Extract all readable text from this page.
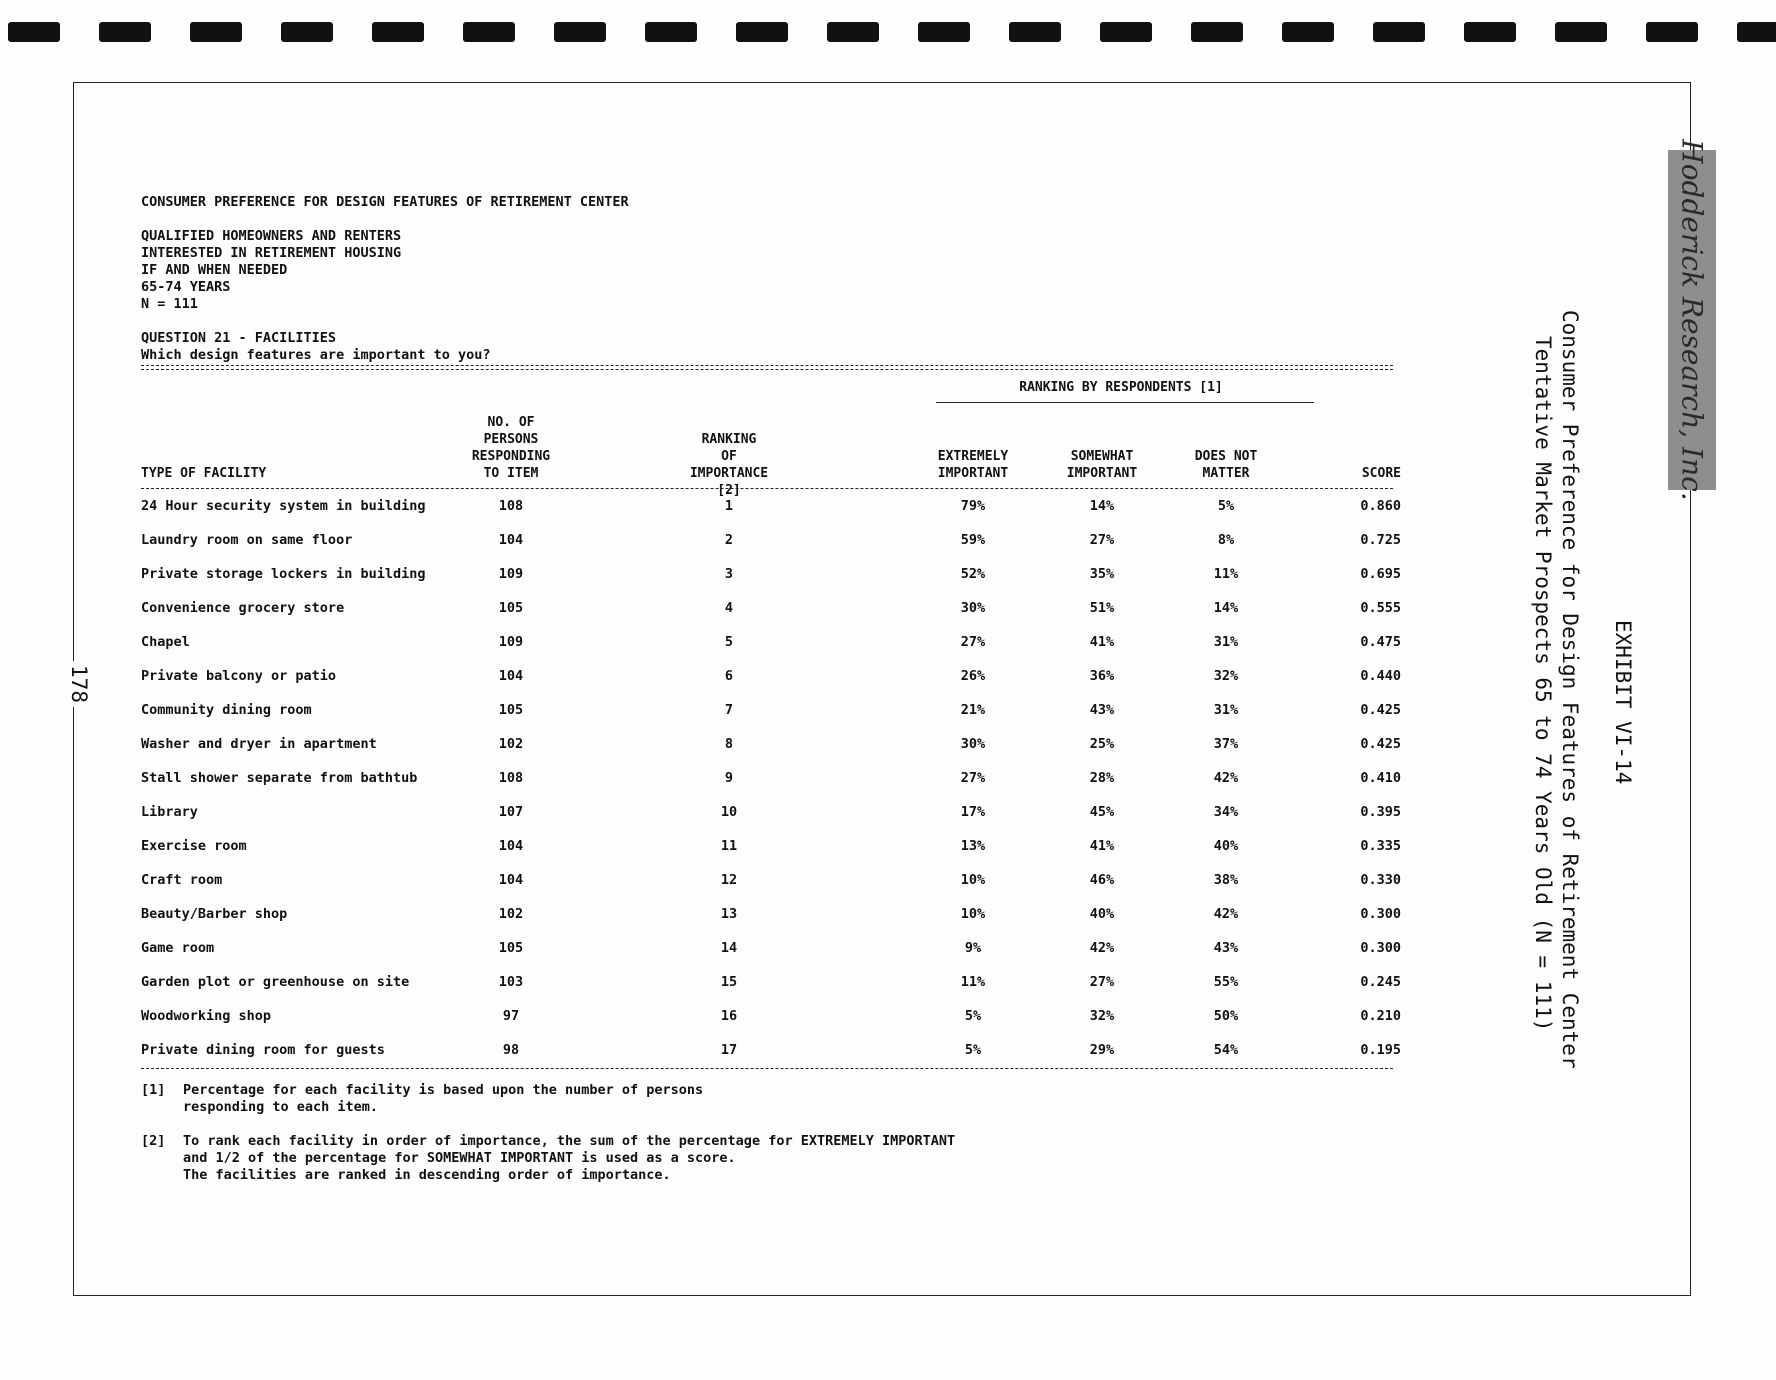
178
Hodderick Research, Inc.
EXHIBIT VI-14
Consumer Preference for Design Features of Retirement Center
Tentative Market Prospects 65 to 74 Years Old (N = 111)
CONSUMER PREFERENCE FOR DESIGN FEATURES OF RETIREMENT CENTER
QUALIFIED HOMEOWNERS AND RENTERS
INTERESTED IN RETIREMENT HOUSING
IF AND WHEN NEEDED
65-74 YEARS
N = 111
QUESTION 21 - FACILITIES
Which design features are important to you?
RANKING BY RESPONDENTS [1]
TYPE OF FACILITY
NO. OF
PERSONS
RESPONDING
TO ITEM
RANKING
OF
IMPORTANCE [2]
EXTREMELY
IMPORTANT
SOMEWHAT
IMPORTANT
DOES NOT
MATTER	SCORE
24 Hour security system in building	108	1	79%	14%	5%	0.860
Laundry room on same floor	104	2	59%	27%	8%	0.725
Private storage lockers in building	109	3	52%	35%	11%	0.695
Convenience grocery store	105	4	30%	51%	14%	0.555
Chapel	109	5	27%	41%	31%	0.475
Private balcony or patio	104	6	26%	36%	32%	0.440
Community dining room	105	7	21%	43%	31%	0.425
Washer and dryer in apartment	102	8	30%	25%	37%	0.425
Stall shower separate from bathtub	108	9	27%	28%	42%	0.410
Library	107	10	17%	45%	34%	0.395
Exercise room	104	11	13%	41%	40%	0.335
Craft room	104	12	10%	46%	38%	0.330
Beauty/Barber shop	102	13	10%	40%	42%	0.300
Game room	105	14	9%	42%	43%	0.300
Garden plot or greenhouse on site	103	15	11%	27%	55%	0.245
Woodworking shop	97	16	5%	32%	50%	0.210
Private dining room for guests	98	17	5%	29%	54%	0.195
[1] Percentage for each facility is based upon the number of persons
responding to each item.
[2] To rank each facility in order of importance, the sum of the percentage for EXTREMELY IMPORTANT
and 1/2 of the percentage for SOMEWHAT IMPORTANT is used as a score.
The facilities are ranked in descending order of importance.
